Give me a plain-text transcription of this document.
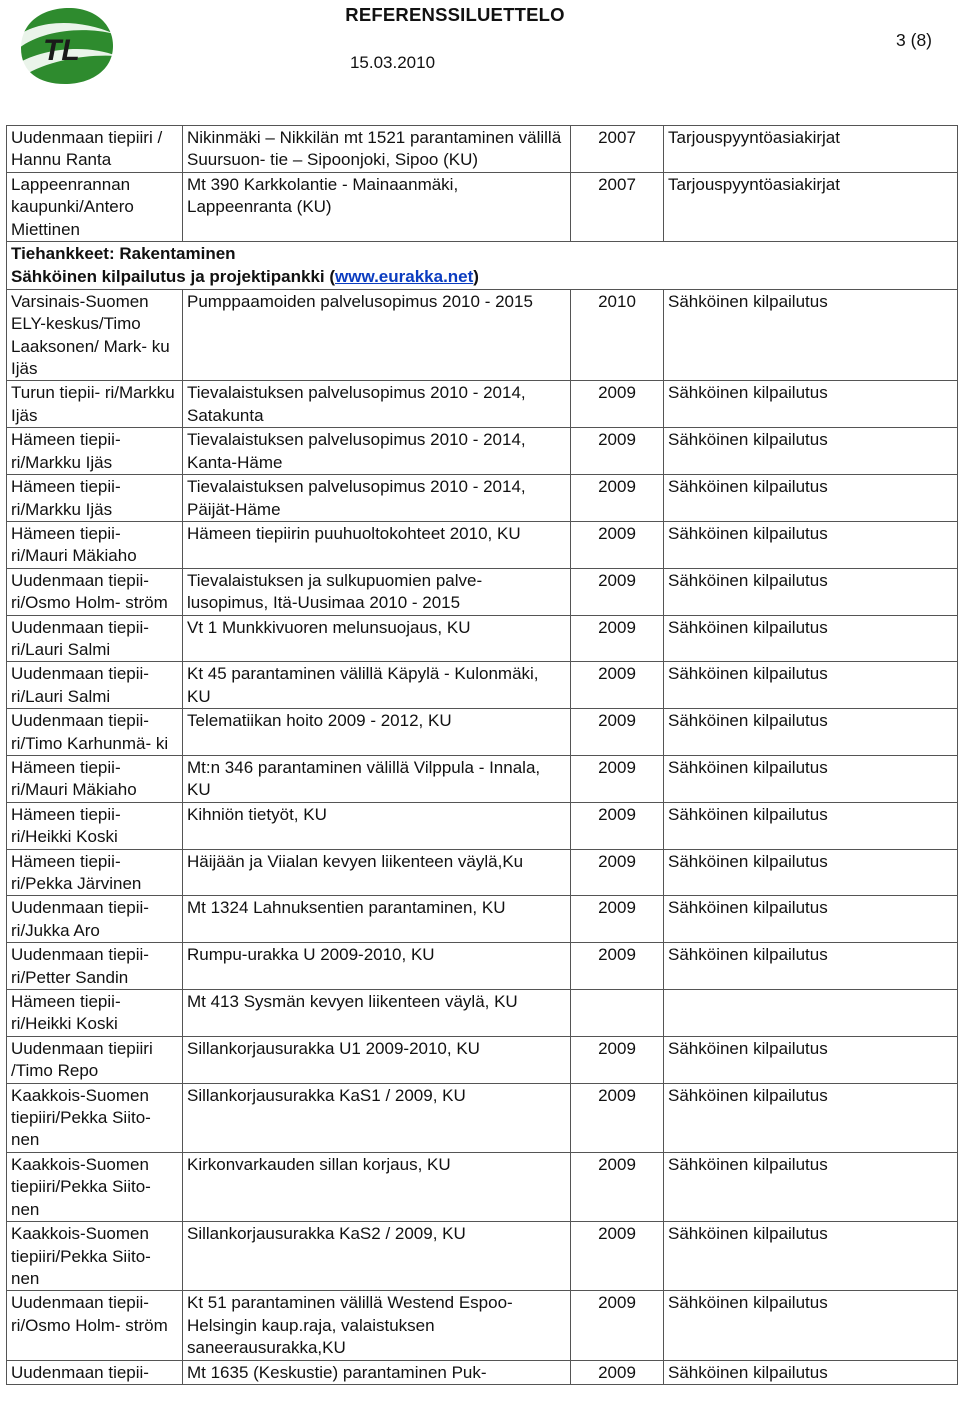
TL
REFERENSSILUETTELO
15.03.2010
3 (8)
Uudenmaan tiepiiri / Hannu Ranta	Nikinmäki – Nikkilän mt 1521 parantaminen välillä Suursuon- tie – Sipoonjoki, Sipoo (KU)	2007	Tarjouspyyntöasiakirjat
Lappeenrannan kaupunki/Antero Miettinen	Mt 390 Karkkolantie - Mainaanmäki, Lappeenranta (KU)	2007	Tarjouspyyntöasiakirjat
Tiehankkeet: Rakentaminen			
Sähköinen kilpailutus ja projektipankki (www.eurakka.net)			
Varsinais-Suomen ELY-keskus/Timo Laaksonen/ Mark- ku Ijäs	Pumppaamoiden palvelusopimus 2010 - 2015	2010	Sähköinen kilpailutus
Turun tiepii- ri/Markku Ijäs	Tievalaistuksen palvelusopimus 2010 - 2014, Satakunta	2009	Sähköinen kilpailutus
Hämeen tiepii- ri/Markku Ijäs	Tievalaistuksen palvelusopimus 2010 - 2014, Kanta-Häme	2009	Sähköinen kilpailutus
Hämeen tiepii- ri/Markku Ijäs	Tievalaistuksen palvelusopimus 2010 - 2014, Päijät-Häme	2009	Sähköinen kilpailutus
Hämeen tiepii- ri/Mauri Mäkiaho	Hämeen tiepiirin puuhuoltokohteet 2010, KU	2009	Sähköinen kilpailutus
Uudenmaan tiepii- ri/Osmo Holm- ström	Tievalaistuksen ja sulkupuomien palve- lusopimus, Itä-Uusimaa 2010 - 2015	2009	Sähköinen kilpailutus
Uudenmaan tiepii- ri/Lauri Salmi	Vt 1 Munkkivuoren melunsuojaus, KU	2009	Sähköinen kilpailutus
Uudenmaan tiepii- ri/Lauri Salmi	Kt 45 parantaminen välillä Käpylä - Kulonmäki, KU	2009	Sähköinen kilpailutus
Uudenmaan tiepii- ri/Timo Karhunmä- ki	Telematiikan hoito 2009 - 2012, KU	2009	Sähköinen kilpailutus
Hämeen tiepii- ri/Mauri Mäkiaho	Mt:n 346 parantaminen välillä Vilppula - Innala, KU	2009	Sähköinen kilpailutus
Hämeen tiepii- ri/Heikki Koski	Kihniön tietyöt, KU	2009	Sähköinen kilpailutus
Hämeen tiepii- ri/Pekka Järvinen	Häijään ja Viialan kevyen liikenteen väylä,Ku	2009	Sähköinen kilpailutus
Uudenmaan tiepii- ri/Jukka Aro	Mt 1324 Lahnuksentien parantaminen, KU	2009	Sähköinen kilpailutus
Uudenmaan tiepii- ri/Petter Sandin	Rumpu-urakka U 2009-2010, KU	2009	Sähköinen kilpailutus
Hämeen tiepii- ri/Heikki Koski	Mt 413 Sysmän kevyen liikenteen väylä, KU		
Uudenmaan tiepiiri /Timo Repo	Sillankorjausurakka U1 2009-2010, KU	2009	Sähköinen kilpailutus
Kaakkois-Suomen tiepiiri/Pekka Siito- nen	Sillankorjausurakka KaS1 / 2009, KU	2009	Sähköinen kilpailutus
Kaakkois-Suomen tiepiiri/Pekka Siito- nen	Kirkonvarkauden sillan korjaus, KU	2009	Sähköinen kilpailutus
Kaakkois-Suomen tiepiiri/Pekka Siito- nen	Sillankorjausurakka KaS2 / 2009, KU	2009	Sähköinen kilpailutus
Uudenmaan tiepii- ri/Osmo Holm- ström	Kt 51 parantaminen välillä Westend Espoo-Helsingin kaup.raja, valaistuksen saneerausurakka,KU	2009	Sähköinen kilpailutus
Uudenmaan tiepii-	Mt 1635 (Keskustie) parantaminen Puk-	2009	Sähköinen kilpailutus
